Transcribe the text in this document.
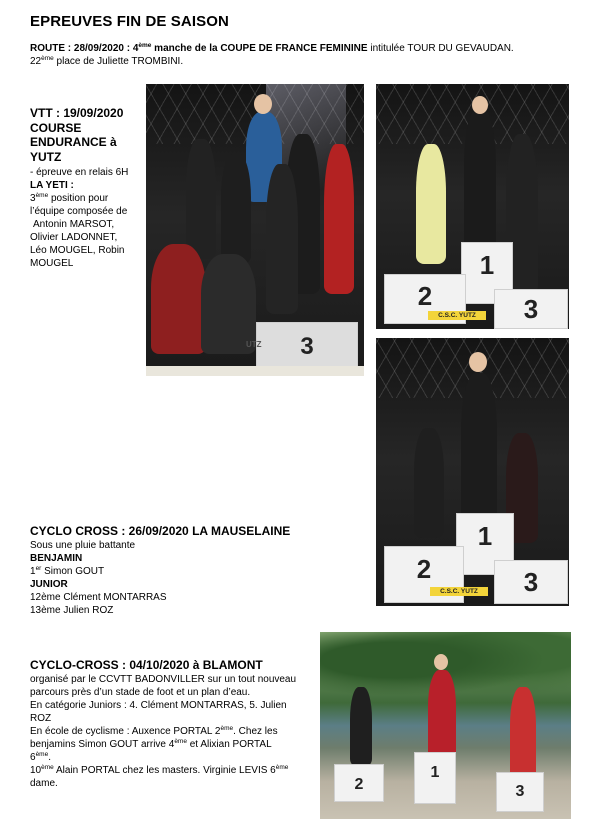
EPREUVES FIN DE SAISON
ROUTE : 28/09/2020 : 4ème manche de la COUPE DE FRANCE FEMININE intitulée TOUR DU GEVAUDAN.
22ème place de Juliette TROMBINI.
VTT : 19/09/2020
COURSE
ENDURANCE à
YUTZ
- épreuve en relais 6H
LA YETI :
3ème position pour
l’équipe composée de
Antonin MARSOT,
Olivier LADONNET,
Léo MOUGEL, Robin
MOUGEL
3
UTZ
1
2	3
C.S.C. YUTZ
1
2	3
C.S.C. YUTZ
CYCLO CROSS : 26/09/2020 LA MAUSELAINE
Sous une pluie battante
BENJAMIN
1er Simon GOUT
JUNIOR
12ème Clément MONTARRAS
13ème Julien ROZ
CYCLO-CROSS : 04/10/2020 à BLAMONT
organisé par le CCVTT BADONVILLER sur un tout nouveau
parcours près d’un stade de foot et un plan d’eau.
En catégorie Juniors : 4. Clément MONTARRAS, 5. Julien
ROZ
En école de cyclisme : Auxence PORTAL 2ème. Chez les
benjamins Simon GOUT arrive 4ème et Alixian PORTAL
6ème.
10ème Alain PORTAL chez les masters. Virginie LEVIS 6ème
dame.	2
1
3
